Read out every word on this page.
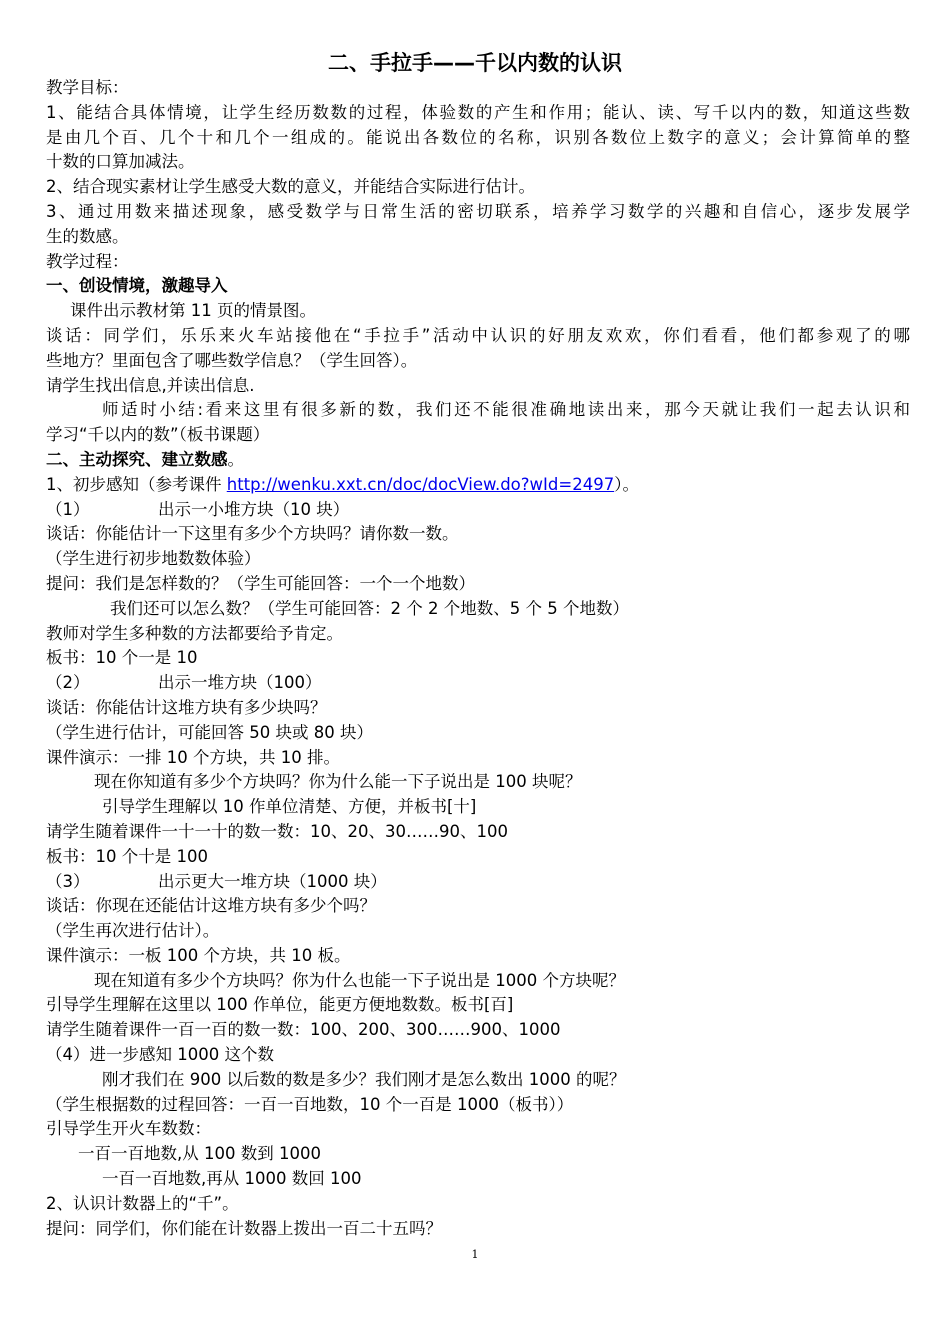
二、手拉手——千以内数的认识
教学目标：
1、能结合具体情境，让学生经历数数的过程，体验数的产生和作用；能认、读、写千以内的数，知道这些数
是由几个百、几个十和几个一组成的。能说出各数位的名称，识别各数位上数字的意义；会计算简单的整
十数的口算加减法。
2、结合现实素材让学生感受大数的意义，并能结合实际进行估计。
3、通过用数来描述现象，感受数学与日常生活的密切联系，培养学习数学的兴趣和自信心，逐步发展学
生的数感。
教学过程：
一、创设情境，激趣导入
课件出示教材第 11 页的情景图。
谈话：同学们，乐乐来火车站接他在“手拉手”活动中认识的好朋友欢欢，你们看看，他们都参观了的哪
些地方？里面包含了哪些数学信息？（学生回答）。
请学生找出信息,并读出信息.
师适时小结:看来这里有很多新的数，我们还不能很准确地读出来，那今天就让我们一起去认识和
学习“千以内的数”（板书课题）
二、主动探究、建立数感。
1、初步感知（参考课件 http://wenku.xxt.cn/doc/docView.do?wId=2497）。
（1）	出示一小堆方块（10 块）
谈话：你能估计一下这里有多少个方块吗？请你数一数。
（学生进行初步地数数体验）
提问：我们是怎样数的？（学生可能回答：一个一个地数）
我们还可以怎么数？（学生可能回答：2 个 2 个地数、5 个 5 个地数）
教师对学生多种数的方法都要给予肯定。
板书：10 个一是 10
（2）	出示一堆方块（100）
谈话：你能估计这堆方块有多少块吗？
（学生进行估计，可能回答 50 块或 80 块）
课件演示：一排 10 个方块，共 10 排。
现在你知道有多少个方块吗？你为什么能一下子说出是 100 块呢？
引导学生理解以 10 作单位清楚、方便，并板书[十]
请学生随着课件一十一十的数一数：10、20、30……90、100
板书：10 个十是 100
（3）	出示更大一堆方块（1000 块）
谈话：你现在还能估计这堆方块有多少个吗？
（学生再次进行估计）。
课件演示：一板 100 个方块，共 10 板。
现在知道有多少个方块吗？你为什么也能一下子说出是 1000 个方块呢？
引导学生理解在这里以 100 作单位，能更方便地数数。板书[百]
请学生随着课件一百一百的数一数：100、200、300……900、1000
（4）进一步感知 1000 这个数
刚才我们在 900 以后数的数是多少？我们刚才是怎么数出 1000 的呢？
（学生根据数的过程回答：一百一百地数，10 个一百是 1000（板书））
引导学生开火车数数：
一百一百地数,从 100 数到 1000
一百一百地数,再从 1000 数回 100
2、认识计数器上的“千”。
提问：同学们，你们能在计数器上拨出一百二十五吗？
1
